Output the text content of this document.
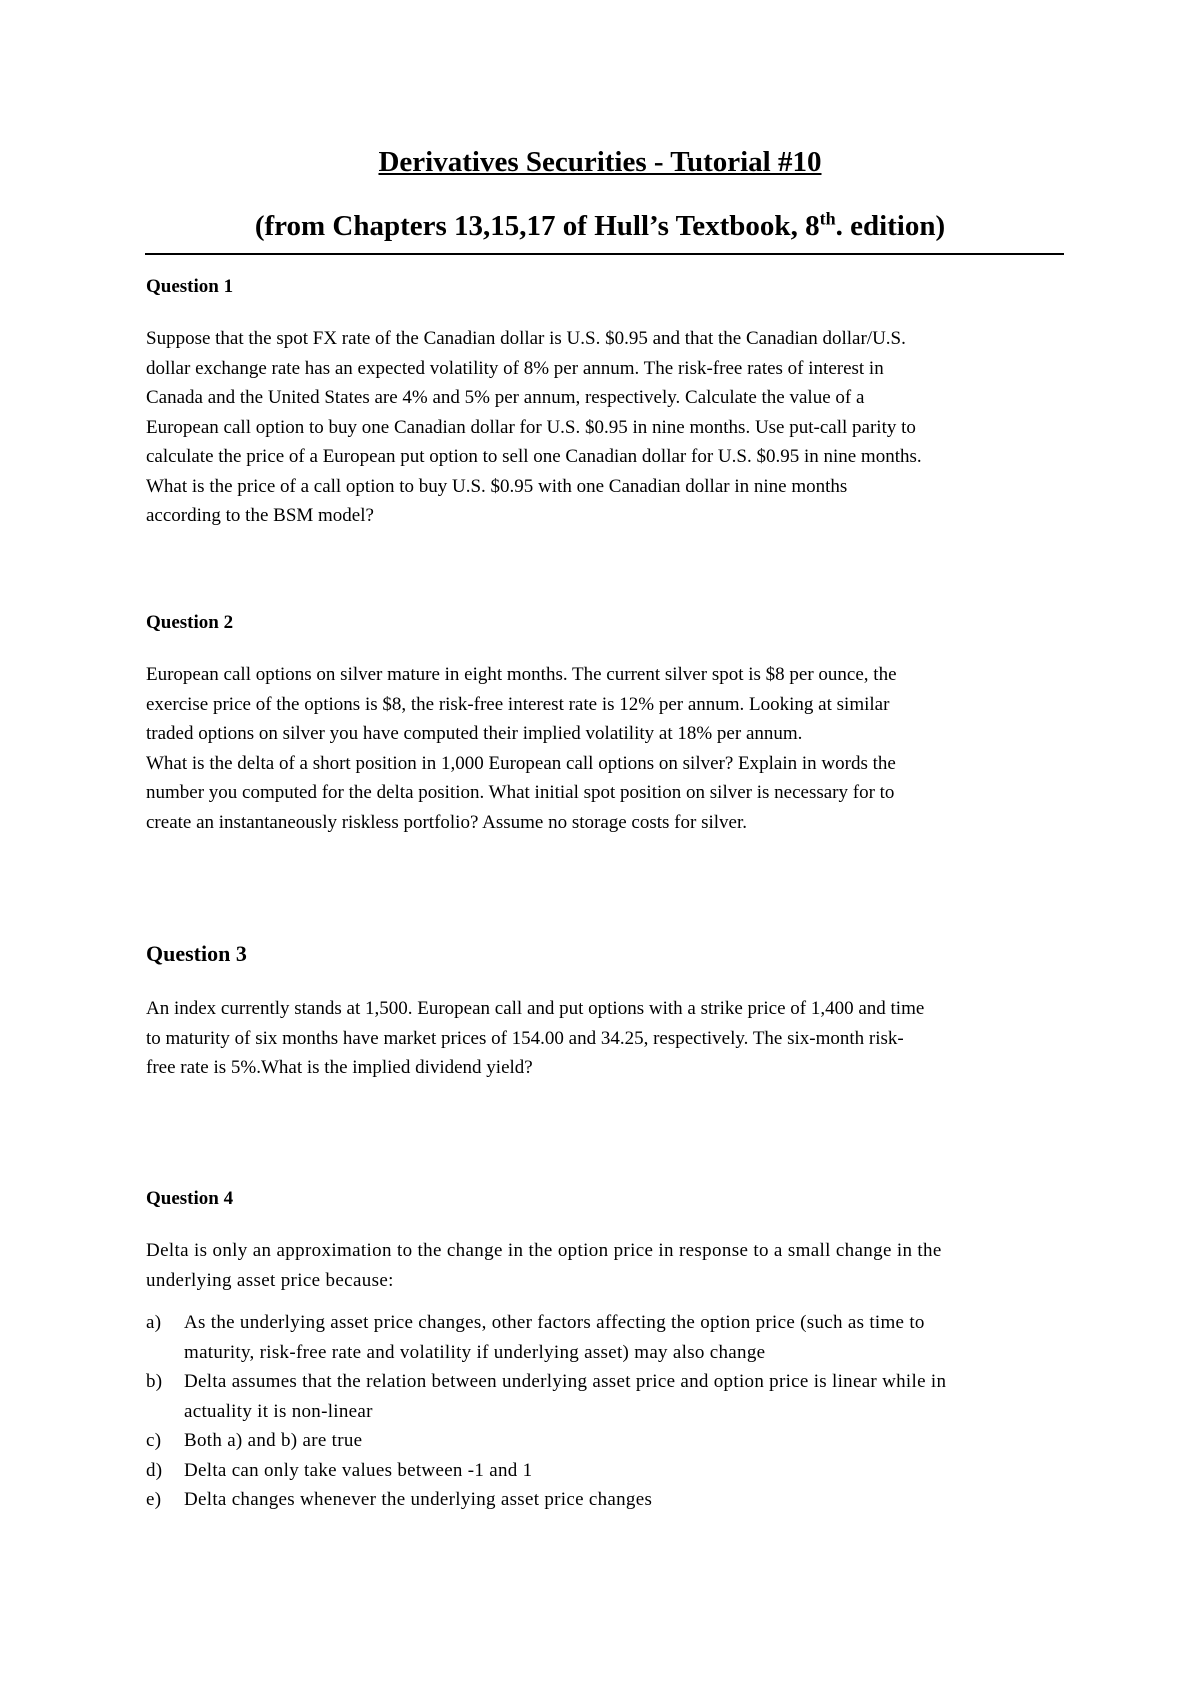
Derivatives Securities - Tutorial #10
(from Chapters 13,15,17 of Hull’s Textbook, 8th. edition)
Question 1
Suppose that the spot FX rate of the Canadian dollar is U.S. $0.95 and that the Canadian dollar/U.S.
dollar exchange rate has an expected volatility of 8% per annum. The risk-free rates of interest in
Canada and the United States are 4% and 5% per annum, respectively. Calculate the value of a
European call option to buy one Canadian dollar for U.S. $0.95 in nine months. Use put-call parity to
calculate the price of a European put option to sell one Canadian dollar for U.S. $0.95 in nine months.
What is the price of a call option to buy U.S. $0.95 with one Canadian dollar in nine months
according to the BSM model?
Question 2
European call options on silver mature in eight months. The current silver spot is $8 per ounce, the
exercise price of the options is $8, the risk-free interest rate is 12% per annum. Looking at similar
traded options on silver you have computed their implied volatility at 18% per annum.
What is the delta of a short position in 1,000 European call options on silver? Explain in words the
number you computed for the delta position. What initial spot position on silver is necessary for to
create an instantaneously riskless portfolio? Assume no storage costs for silver.
Question 3
An index currently stands at 1,500. European call and put options with a strike price of 1,400 and time
to maturity of six months have market prices of 154.00 and 34.25, respectively. The six-month risk-
free rate is 5%.What is the implied dividend yield?
Question 4
Delta is only an approximation to the change in the option price in response to a small change in the
underlying asset price because:
a) As the underlying asset price changes, other factors affecting the option price (such as time to
maturity, risk-free rate and volatility if underlying asset) may also change
b) Delta assumes that the relation between underlying asset price and option price is linear while in
actuality it is non-linear
c) Both a) and b) are true
d) Delta can only take values between -1 and 1
e) Delta changes whenever the underlying asset price changes
